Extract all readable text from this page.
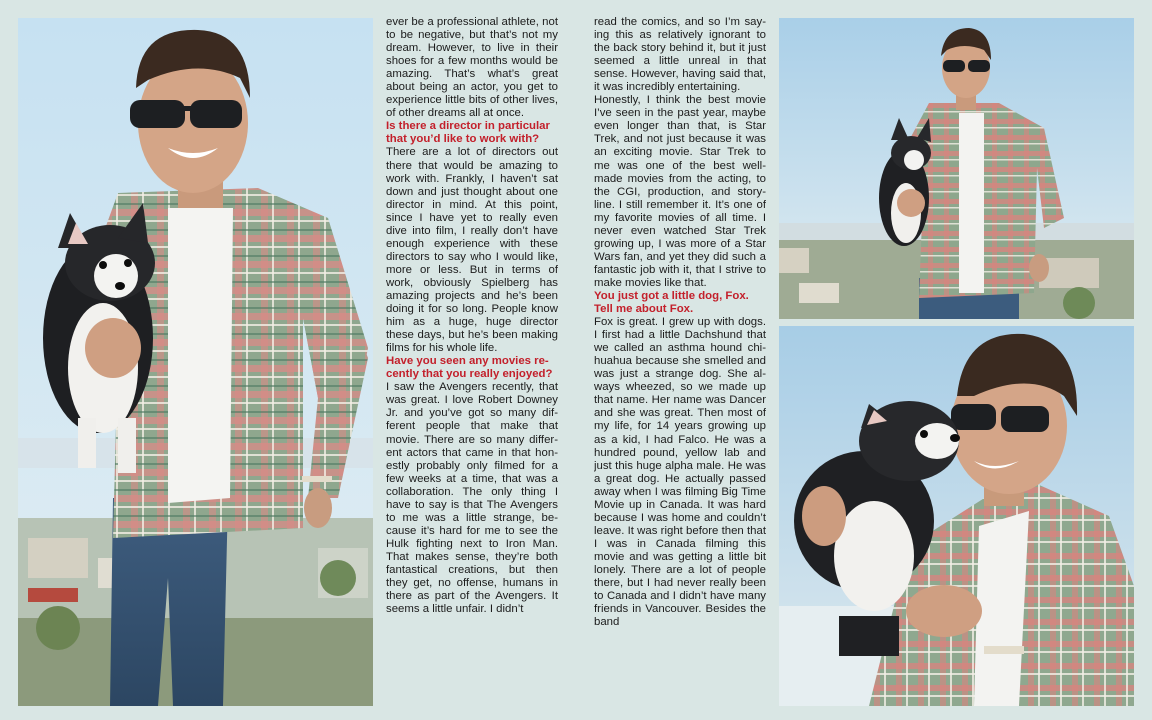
ever be a professional athlete, not to be negative, but that’s not my dream. However, to live in their shoes for a few months would be amazing. That’s what’s great about being an actor, you get to experience little bits of other lives, of other dreams all at once.

Is there a director in particular that you’d like to work with?

There are a lot of directors out there that would be amazing to work with. Frankly, I haven’t sat down and just thought about one director in mind. At this point, since I have yet to really even dive into film, I really don’t have enough experience with these directors to say who I would like, more or less. But in terms of work, obviously Spielberg has amazing projects and he’s been doing it for so long. People know him as a huge, huge director these days, but he’s been making films for his whole life.

Have you seen any movies recently that you really enjoyed?

I saw the Avengers recently, that was great. I love Robert Downey Jr. and you’ve got so many different people that make that movie. There are so many different actors that came in that honestly probably only filmed for a few weeks at a time, that was a collaboration. The only thing I have to say is that The Avengers to me was a little strange, because it’s hard for me to see the Hulk fighting next to Iron Man. That makes sense, they’re both fantastical creations, but then they get, no offense, humans in there as part of the Avengers. It seems a little unfair. I didn’t

read the comics, and so I’m saying this as relatively ignorant to the back story behind it, but it just seemed a little unreal in that sense. However, having said that, it was incredibly entertaining.

Honestly, I think the best movie I’ve seen in the past year, maybe even longer than that, is Star Trek, and not just because it was an exciting movie. Star Trek to me was one of the best well-made movies from the acting, to the CGI, production, and storyline. I still remember it. It’s one of my favorite movies of all time. I never even watched Star Trek growing up, I was more of a Star Wars fan, and yet they did such a fantastic job with it, that I strive to make movies like that.

You just got a little dog, Fox. Tell me about Fox.

Fox is great. I grew up with dogs. I first had a little Dachshund that we called an asthma hound chihuahua because she smelled and was just a strange dog. She always wheezed, so we made up that name. Her name was Dancer and she was great. Then most of my life, for 14 years growing up as a kid, I had Falco. He was a hundred pound, yellow lab and just this huge alpha male. He was a great dog. He actually passed away when I was filming Big Time Movie up in Canada. It was hard because I was home and couldn’t leave. It was right before then that I was in Canada filming this movie and was getting a little bit lonely. There are a lot of people there, but I had never really been to Canada and I didn’t have many friends in Vancouver. Besides the band
